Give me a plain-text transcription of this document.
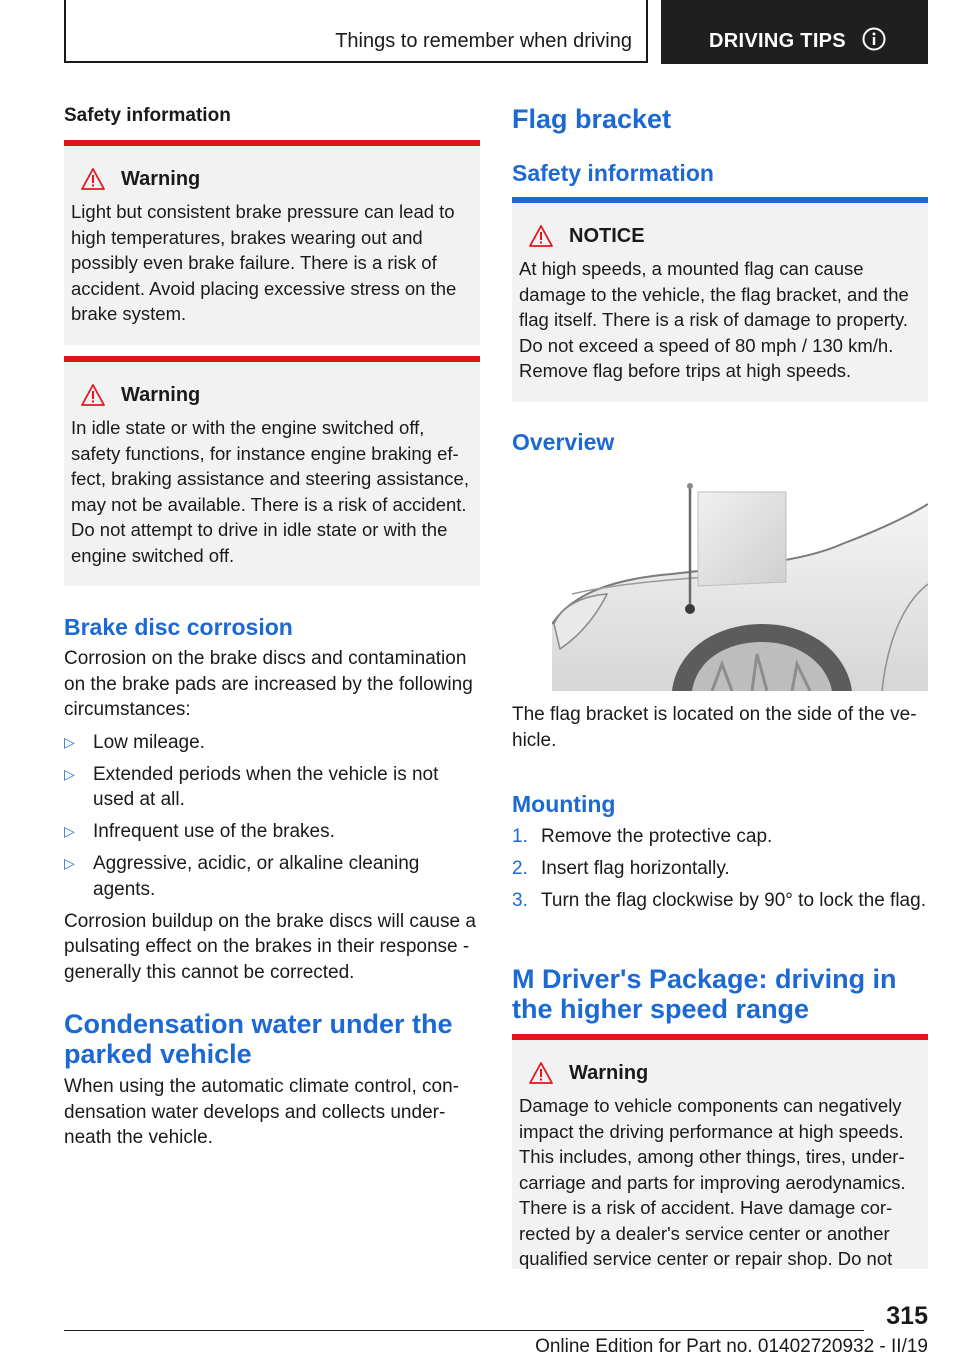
Things to remember when driving	DRIVING TIPS
Safety information
Warning

Light but consistent brake pressure can lead to high temperatures, brakes wearing out and possibly even brake failure. There is a risk of accident. Avoid placing excessive stress on the brake system.

Warning

In idle state or with the engine switched off, safety functions, for instance engine braking effect, braking assistance and steering assistance, may not be available. There is a risk of accident. Do not attempt to drive in idle state or with the engine switched off.

Brake disc corrosion

Corrosion on the brake discs and contamination on the brake pads are increased by the following circumstances:

▷ Low mileage.
▷ Extended periods when the vehicle is not used at all.
▷ Infrequent use of the brakes.
▷ Aggressive, acidic, or alkaline cleaning agents.

Corrosion buildup on the brake discs will cause a pulsating effect on the brakes in their response - generally this cannot be corrected.

Condensation water under the parked vehicle

When using the automatic climate control, condensation water develops and collects underneath the vehicle.

Flag bracket
Safety information
NOTICE

At high speeds, a mounted flag can cause damage to the vehicle, the flag bracket, and the flag itself. There is a risk of damage to property. Do not exceed a speed of 80 mph / 130 km/h. Remove flag before trips at high speeds.

Overview

The flag bracket is located on the side of the vehicle.

Mounting
1. Remove the protective cap.
2. Insert flag horizontally.
3. Turn the flag clockwise by 90° to lock the flag.
M Driver's Package: driving in the higher speed range
Warning

Damage to vehicle components can negatively impact the driving performance at high speeds. This includes, among other things, tires, undercarriage and parts for improving aerodynamics. There is a risk of accident. Have damage corrected by a dealer's service center or another qualified service center or repair shop. Do not

315
Online Edition for Part no. 01402720932 - II/19
